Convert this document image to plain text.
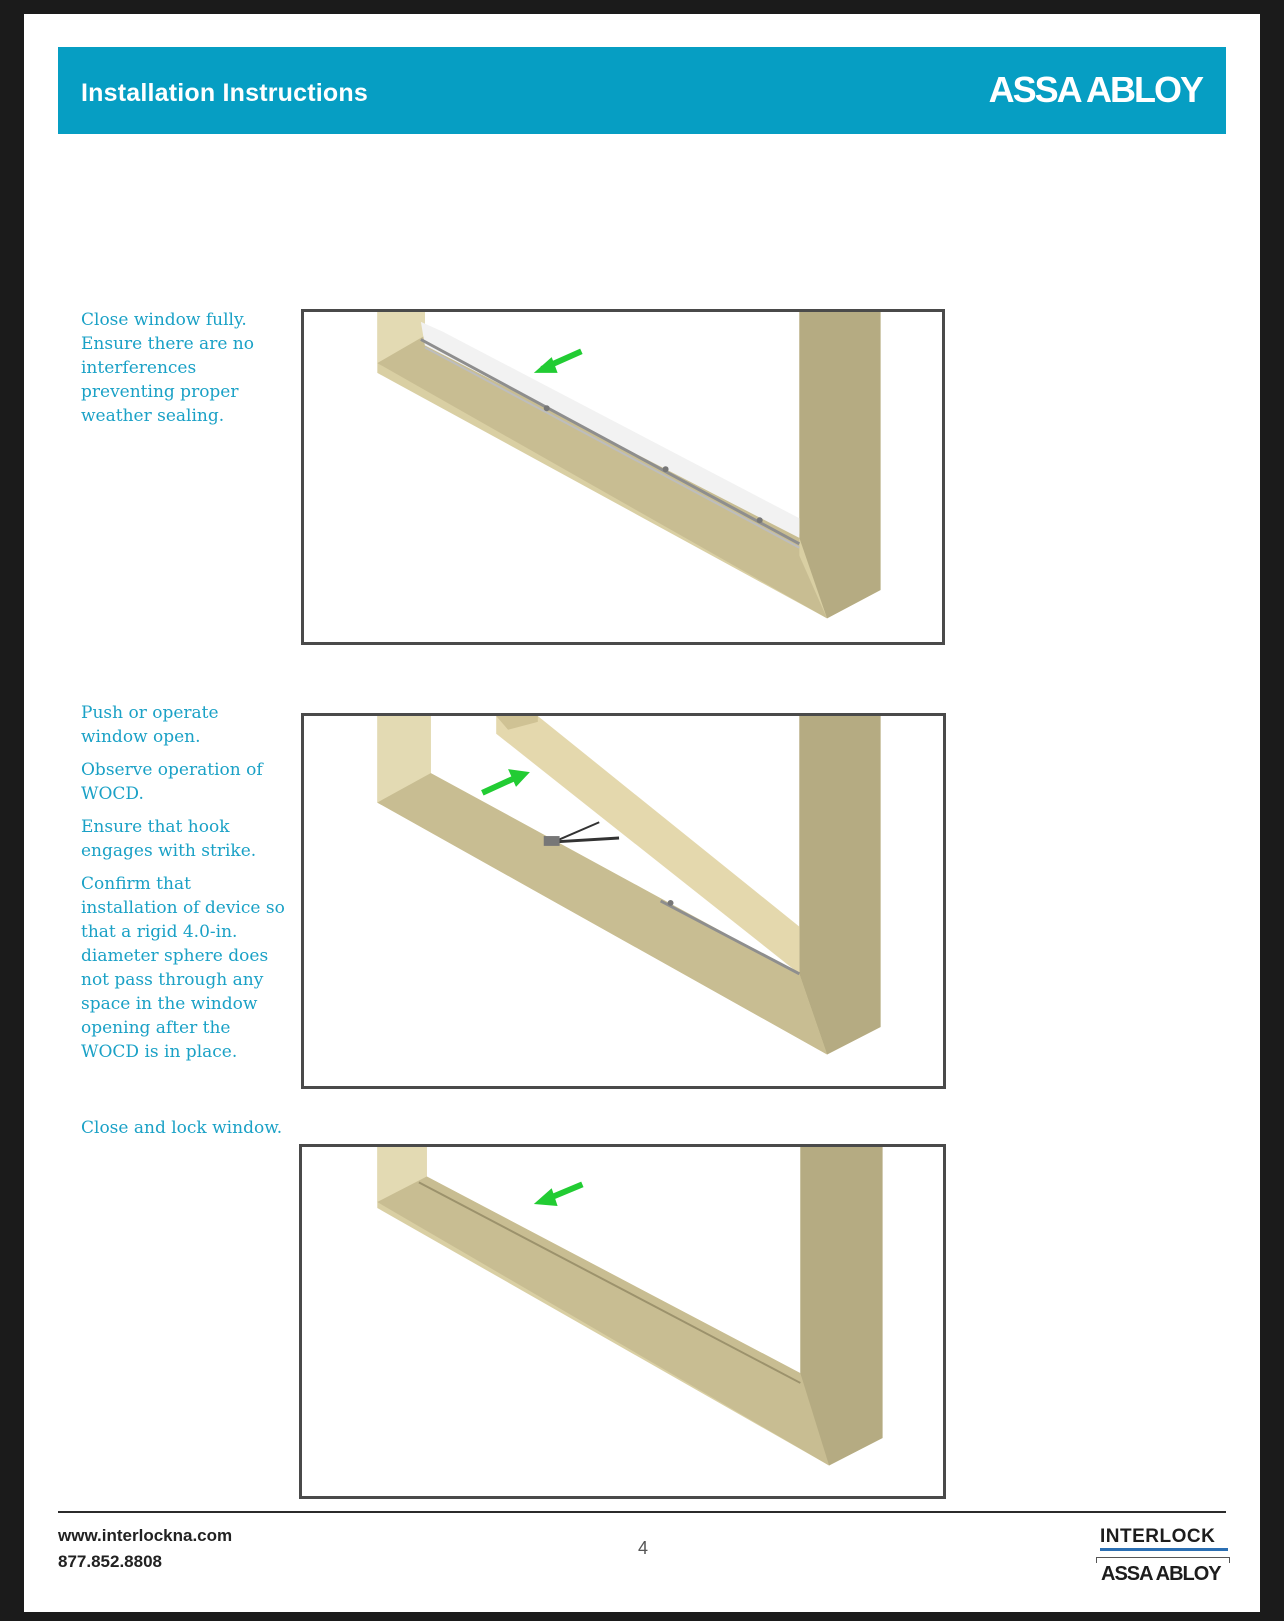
Installation Instructions	ASSA ABLOY

Close window fully. Ensure there are no interferences preventing proper weather sealing.

Push or operate window open.

Observe operation of WOCD.

Ensure that hook engages with strike.

Confirm that installation of device so that a rigid 4.0-in. diameter sphere does not pass through any space in the window opening after the WOCD is in place.

Close and lock window.

www.interlockna.com
877.852.8808
4
INTERLOCK
ASSA ABLOY
